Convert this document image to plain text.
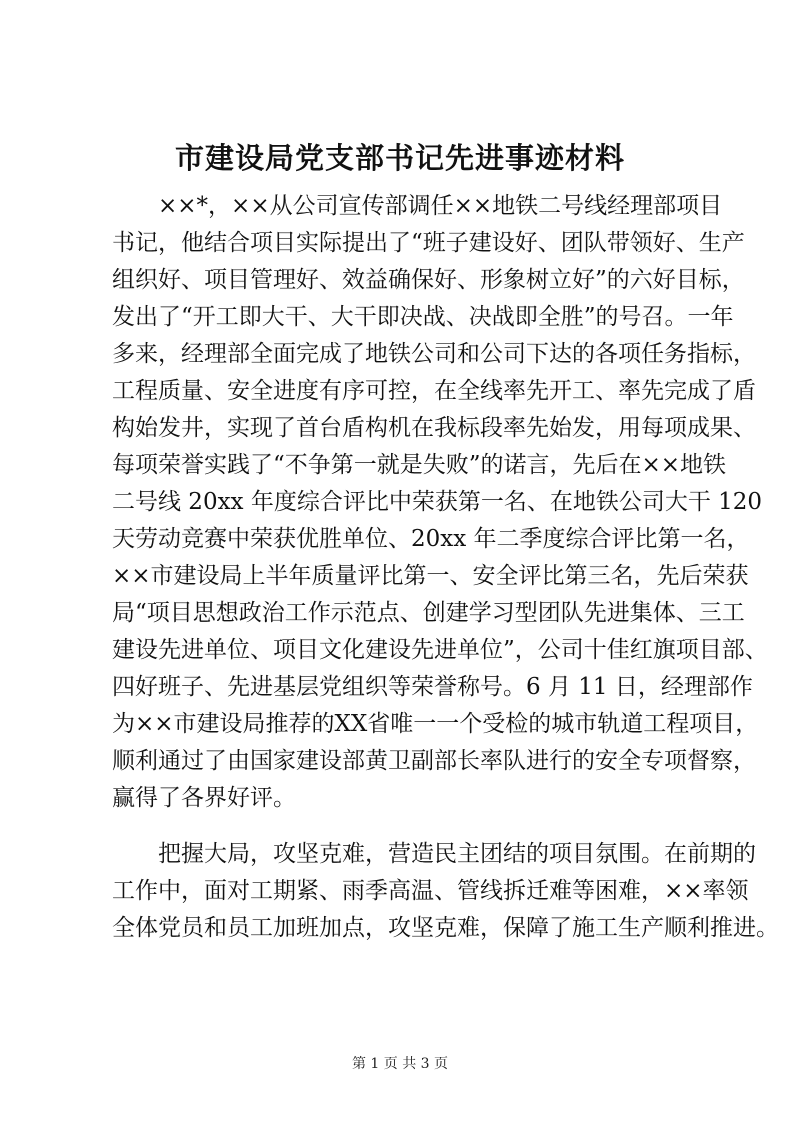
市建设局党支部书记先进事迹材料
××*，××从公司宣传部调任××地铁二号线经理部项目
书记，他结合项目实际提出了“班子建设好、团队带领好、生产
组织好、项目管理好、效益确保好、形象树立好”的六好目标，
发出了“开工即大干、大干即决战、决战即全胜”的号召。一年
多来，经理部全面完成了地铁公司和公司下达的各项任务指标，
工程质量、安全进度有序可控，在全线率先开工、率先完成了盾
构始发井，实现了首台盾构机在我标段率先始发，用每项成果、
每项荣誉实践了“不争第一就是失败”的诺言，先后在××地铁
二号线 20xx 年度综合评比中荣获第一名、在地铁公司大干 120
天劳动竞赛中荣获优胜单位、20xx 年二季度综合评比第一名，
××市建设局上半年质量评比第一、安全评比第三名，先后荣获
局“项目思想政治工作示范点、创建学习型团队先进集体、三工
建设先进单位、项目文化建设先进单位”，公司十佳红旗项目部、
四好班子、先进基层党组织等荣誉称号。6 月 11 日，经理部作
为××市建设局推荐的XX省唯一一个受检的城市轨道工程项目，
顺利通过了由国家建设部黄卫副部长率队进行的安全专项督察，
赢得了各界好评。
把握大局，攻坚克难，营造民主团结的项目氛围。在前期的
工作中，面对工期紧、雨季高温、管线拆迁难等困难，××率领
全体党员和员工加班加点，攻坚克难，保障了施工生产顺利推进。
第 1 页 共 3 页
